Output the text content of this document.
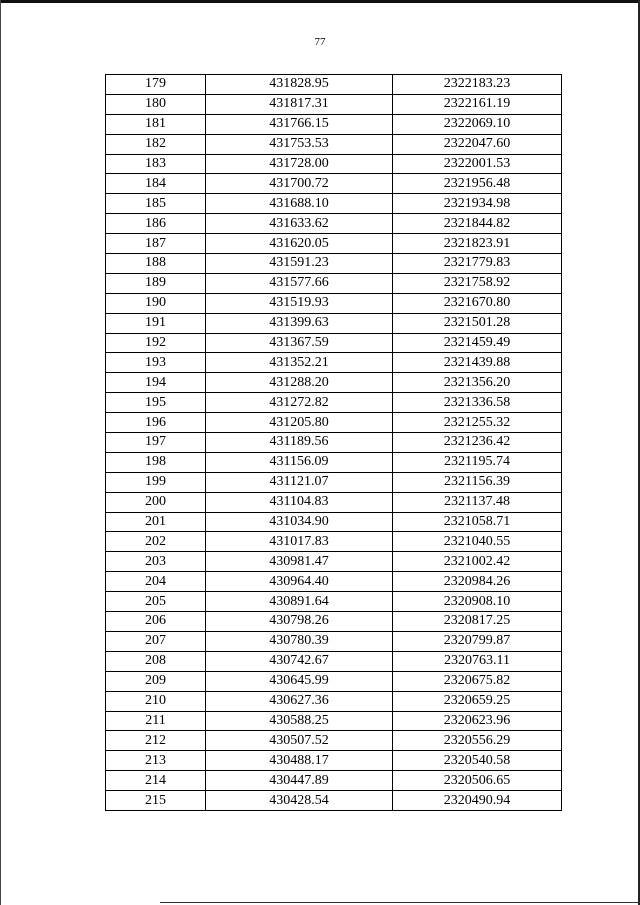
77
179	431828.95	2322183.23
180	431817.31	2322161.19
181	431766.15	2322069.10
182	431753.53	2322047.60
183	431728.00	2322001.53
184	431700.72	2321956.48
185	431688.10	2321934.98
186	431633.62	2321844.82
187	431620.05	2321823.91
188	431591.23	2321779.83
189	431577.66	2321758.92
190	431519.93	2321670.80
191	431399.63	2321501.28
192	431367.59	2321459.49
193	431352.21	2321439.88
194	431288.20	2321356.20
195	431272.82	2321336.58
196	431205.80	2321255.32
197	431189.56	2321236.42
198	431156.09	2321195.74
199	431121.07	2321156.39
200	431104.83	2321137.48
201	431034.90	2321058.71
202	431017.83	2321040.55
203	430981.47	2321002.42
204	430964.40	2320984.26
205	430891.64	2320908.10
206	430798.26	2320817.25
207	430780.39	2320799.87
208	430742.67	2320763.11
209	430645.99	2320675.82
210	430627.36	2320659.25
211	430588.25	2320623.96
212	430507.52	2320556.29
213	430488.17	2320540.58
214	430447.89	2320506.65
215	430428.54	2320490.94
